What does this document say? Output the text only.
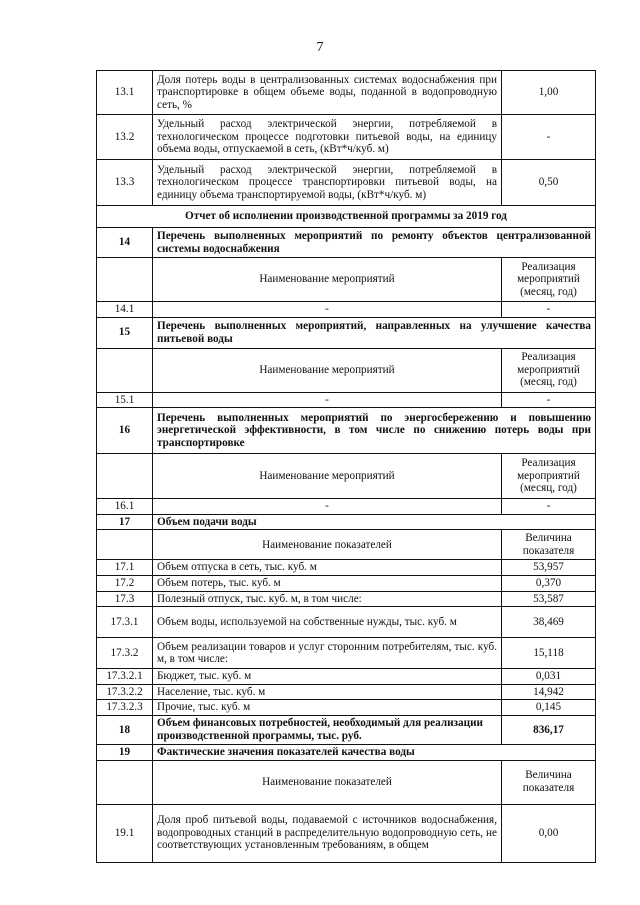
7
13.1	Доля потерь воды в централизованных системах водоснабжения при транспортировке в общем объеме воды, поданной в водопроводную сеть, %	1,00
13.2	Удельный расход электрической энергии, потребляемой в технологическом процессе подготовки питьевой воды, на единицу объема воды, отпускаемой в сеть, (кВт*ч/куб. м)	-
13.3	Удельный расход электрической энергии, потребляемой в технологическом процессе транспортировки питьевой воды, на единицу объема транспортируемой воды, (кВт*ч/куб. м)	0,50
Отчет об исполнении производственной программы за 2019 год		
14	Перечень выполненных мероприятий по ремонту объектов централизованной системы водоснабжения	
	Наименование мероприятий	Реализация мероприятий (месяц, год)
14.1	-	-
15	Перечень выполненных мероприятий, направленных на улучшение качества питьевой воды	
	Наименование мероприятий	Реализация мероприятий (месяц, год)
15.1	-	-
16	Перечень выполненных мероприятий по энергосбережению и повышению энергетической эффективности, в том числе по снижению потерь воды при транспортировке	
	Наименование мероприятий	Реализация мероприятий (месяц, год)
16.1	-	-
17	Объем подачи воды	
	Наименование показателей	Величина показателя
17.1	Объем отпуска в сеть, тыс. куб. м	53,957
17.2	Объем потерь, тыс. куб. м	0,370
17.3	Полезный отпуск, тыс. куб. м, в том числе:	53,587
17.3.1	Объем воды, используемой на собственные нужды, тыс. куб. м	38,469
17.3.2	Объем реализации товаров и услуг сторонним потребителям, тыс. куб. м, в том числе:	15,118
17.3.2.1	Бюджет, тыс. куб. м	0,031
17.3.2.2	Население, тыс. куб. м	14,942
17.3.2.3	Прочие, тыс. куб. м	0,145
18	Объем финансовых потребностей, необходимый для реализации производственной программы, тыс. руб.	836,17
19	Фактические значения показателей качества воды	
	Наименование показателей	Величина показателя
19.1	Доля проб питьевой воды, подаваемой с источников водоснабжения, водопроводных станций в распределительную водопроводную сеть, не соответствующих установленным требованиям, в общем	0,00
